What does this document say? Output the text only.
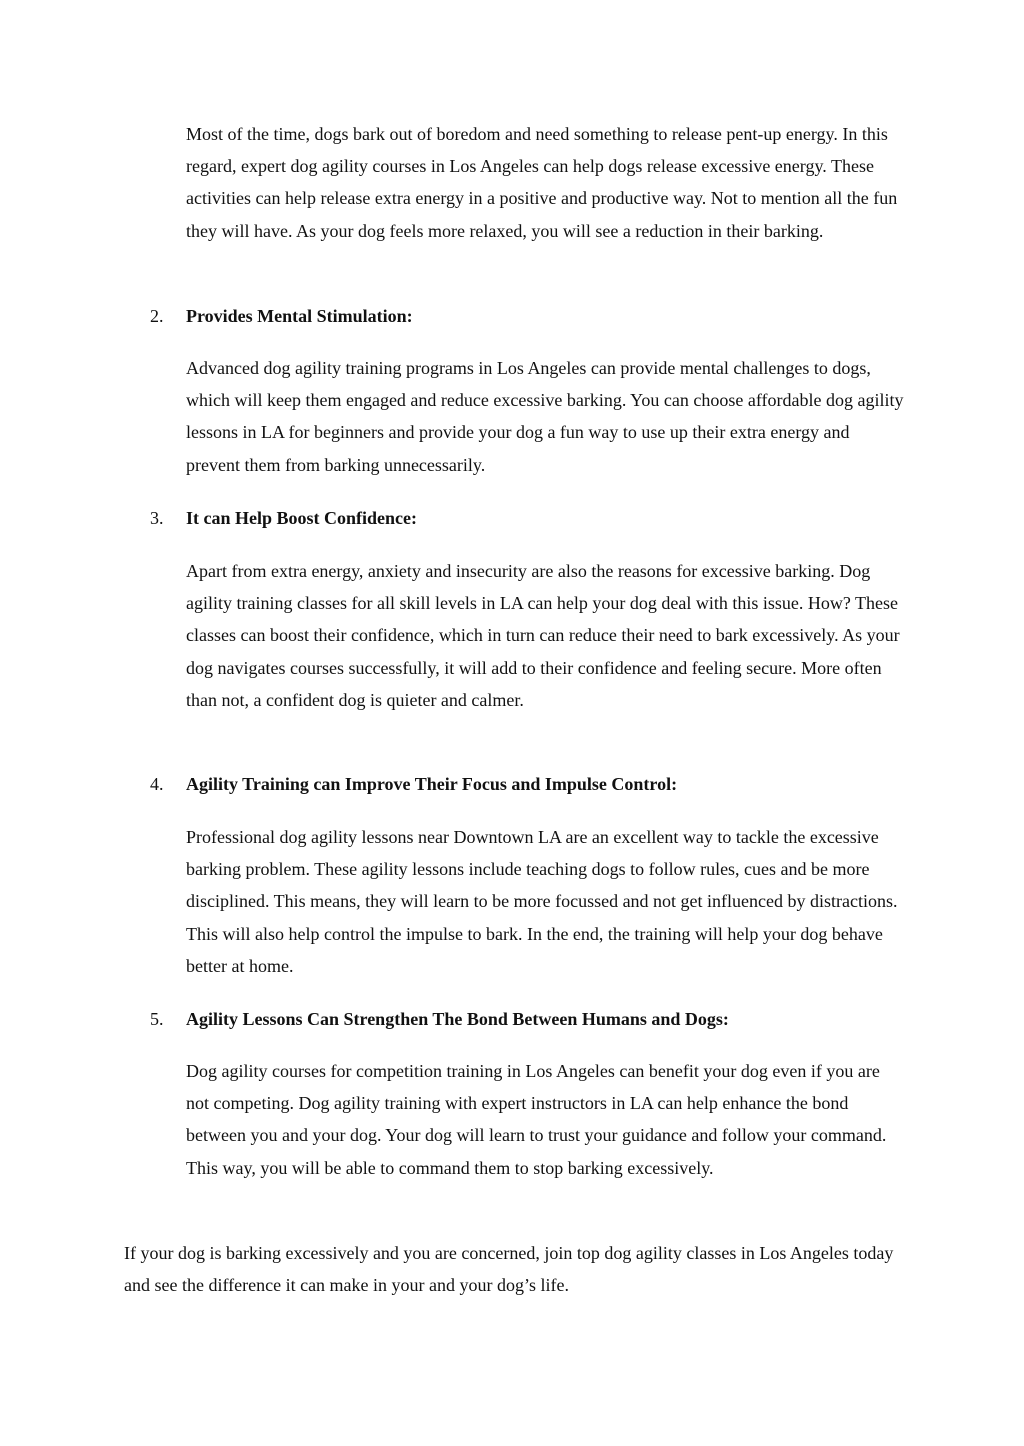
Most of the time, dogs bark out of boredom and need something to release pent-up energy. In this regard, expert dog agility courses in Los Angeles can help dogs release excessive energy. These activities can help release extra energy in a positive and productive way. Not to mention all the fun they will have. As your dog feels more relaxed, you will see a reduction in their barking.

2.	Provides Mental Stimulation:

Advanced dog agility training programs in Los Angeles can provide mental challenges to dogs, which will keep them engaged and reduce excessive barking. You can choose affordable dog agility lessons in LA for beginners and provide your dog a fun way to use up their extra energy and prevent them from barking unnecessarily.

3.	It can Help Boost Confidence:

Apart from extra energy, anxiety and insecurity are also the reasons for excessive barking. Dog agility training classes for all skill levels in LA can help your dog deal with this issue. How? These classes can boost their confidence, which in turn can reduce their need to bark excessively. As your dog navigates courses successfully, it will add to their confidence and feeling secure. More often than not, a confident dog is quieter and calmer.

4.	Agility Training can Improve Their Focus and Impulse Control:

Professional dog agility lessons near Downtown LA are an excellent way to tackle the excessive barking problem. These agility lessons include teaching dogs to follow rules, cues and be more disciplined. This means, they will learn to be more focussed and not get influenced by distractions. This will also help control the impulse to bark. In the end, the training will help your dog behave better at home.

5.	Agility Lessons Can Strengthen The Bond Between Humans and Dogs:

Dog agility courses for competition training in Los Angeles can benefit your dog even if you are not competing. Dog agility training with expert instructors in LA can help enhance the bond between you and your dog. Your dog will learn to trust your guidance and follow your command. This way, you will be able to command them to stop barking excessively.

If your dog is barking excessively and you are concerned, join top dog agility classes in Los Angeles today and see the difference it can make in your and your dog’s life.
